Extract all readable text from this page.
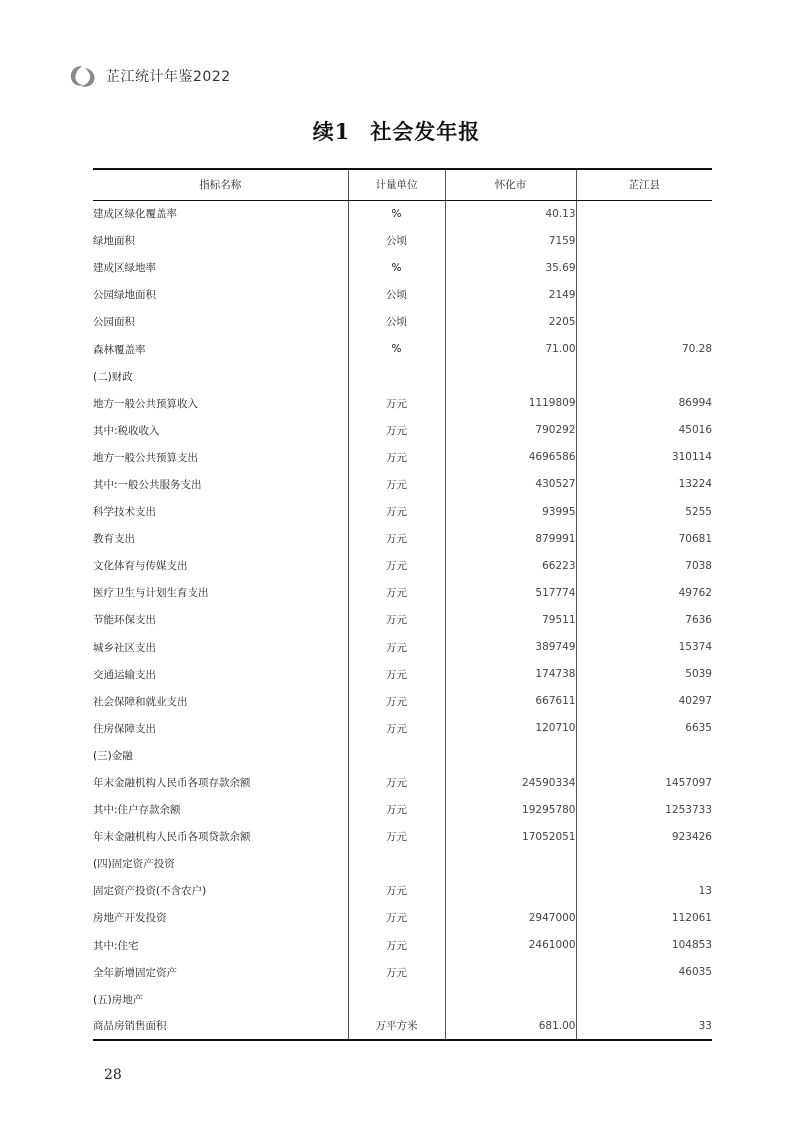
芷江统计年鉴2022
续1 社会发年报
指标名称	计量单位	怀化市	芷江县
建成区绿化覆盖率	%	40.13	
绿地面积	公顷	7159	
建成区绿地率	%	35.69	
公园绿地面积	公顷	2149	
公园面积	公顷	2205	
森林覆盖率	%	71.00	70.28
(二)财政			
地方一般公共预算收入	万元	1119809	86994
其中:税收收入	万元	790292	45016
地方一般公共预算支出	万元	4696586	310114
其中:一般公共服务支出	万元	430527	13224
科学技术支出	万元	93995	5255
教育支出	万元	879991	70681
文化体育与传媒支出	万元	66223	7038
医疗卫生与计划生育支出	万元	517774	49762
节能环保支出	万元	79511	7636
城乡社区支出	万元	389749	15374
交通运输支出	万元	174738	5039
社会保障和就业支出	万元	667611	40297
住房保障支出	万元	120710	6635
(三)金融			
年末金融机构人民币各项存款余额	万元	24590334	1457097
其中:住户存款余额	万元	19295780	1253733
年末金融机构人民币各项贷款余额	万元	17052051	923426
(四)固定资产投资			
固定资产投资(不含农户)	万元		13
房地产开发投资	万元	2947000	112061
其中:住宅	万元	2461000	104853
全年新增固定资产	万元		46035
(五)房地产			
商品房销售面积	万平方米	681.00	33
28
